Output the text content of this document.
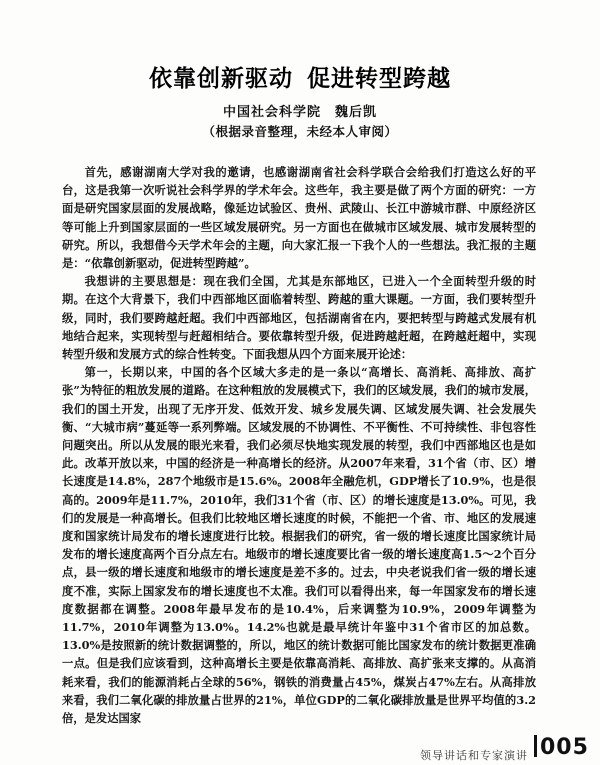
依靠创新驱动 促进转型跨越
中国社会科学院 魏后凯
（根据录音整理，未经本人审阅）

首先，感谢湖南大学对我的邀请，也感谢湖南省社会科学联合会给我们打造这么好的平台，这是我第一次听说社会科学界的学术年会。这些年，我主要是做了两个方面的研究：一方面是研究国家层面的发展战略，像延边试验区、贵州、武陵山、长江中游城市群、中原经济区等可能上升到国家层面的一些区域发展研究。另一方面也在做城市区域发展、城市发展转型的研究。所以，我想借今天学术年会的主题，向大家汇报一下我个人的一些想法。我汇报的主题是：“依靠创新驱动，促进转型跨越”。

我想讲的主要思想是：现在我们全国，尤其是东部地区，已进入一个全面转型升级的时期。在这个大背景下，我们中西部地区面临着转型、跨越的重大课题。一方面，我们要转型升级，同时，我们要跨越赶超。我们中西部地区，包括湖南省在内，要把转型与跨越式发展有机地结合起来，实现转型与赶超相结合。要依靠转型升级，促进跨越赶超，在跨越赶超中，实现转型升级和发展方式的综合性转变。下面我想从四个方面来展开论述：

第一，长期以来，中国的各个区域大多走的是一条以“高增长、高消耗、高排放、高扩张”为特征的粗放发展的道路。在这种粗放的发展模式下，我们的区域发展，我们的城市发展，我们的国土开发，出现了无序开发、低效开发、城乡发展失调、区域发展失调、社会发展失衡、“大城市病”蔓延等一系列弊端。区域发展的不协调性、不平衡性、不可持续性、非包容性问题突出。所以从发展的眼光来看，我们必须尽快地实现发展的转型，我们中西部地区也是如此。改革开放以来，中国的经济是一种高增长的经济。从2007年来看，31个省（市、区）增长速度是14.8%，287个地级市是15.6%。2008年全融危机，GDP增长了10.9%，也是很高的。2009年是11.7%，2010年，我们31个省（市、区）的增长速度是13.0%。可见，我们的发展是一种高增长。但我们比较地区增长速度的时候，不能把一个省、市、地区的发展速度和国家统计局发布的增长速度进行比较。根据我们的研究，省一级的增长速度比国家统计局发布的增长速度高两个百分点左右。地级市的增长速度要比省一级的增长速度高1.5～2个百分点，县一级的增长速度和地级市的增长速度是差不多的。过去，中央老说我们省一级的增长速度不准，实际上国家发布的增长速度也不太准。我们可以看得出来，每一年国家发布的增长速度数据都在调整。2008年最早发布的是10.4%，后来调整为10.9%，2009年调整为11.7%，2010年调整为13.0%。14.2%也就是最早统计年鉴中31个省市区的加总数。13.0%是按照新的统计数据调整的，所以，地区的统计数据可能比国家发布的统计数据更准确一点。但是我们应该看到，这种高增长主要是依靠高消耗、高排放、高扩张来支撑的。从高消耗来看，我们的能源消耗占全球的56%，钢铁的消费量占45%，煤炭占47%左右。从高排放来看，我们二氧化碳的排放量占世界的21%，单位GDP的二氧化碳排放量是世界平均值的3.2倍，是发达国家

领导讲话和专家演讲 005
